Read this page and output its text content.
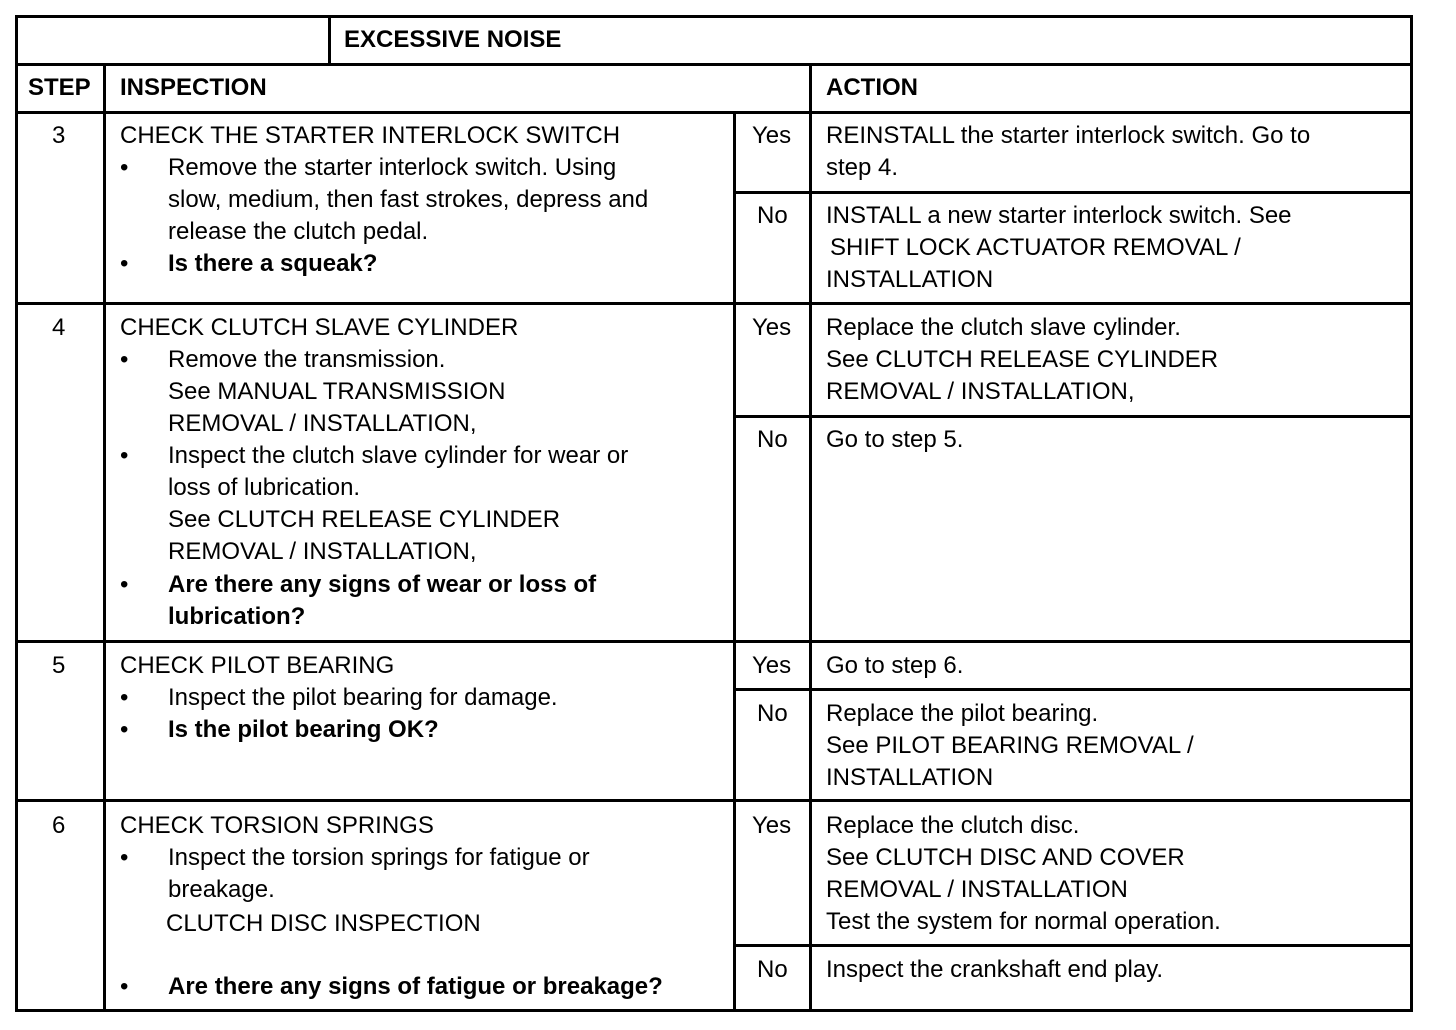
EXCESSIVE NOISE
STEP INSPECTION	ACTION
3 CHECK THE STARTER INTERLOCK SWITCH
• Remove the starter interlock switch. Using
slow, medium, then fast strokes, depress and
release the clutch pedal.
• Is there a squeak?
Yes REINSTALL the starter interlock switch. Go to
step 4.
No INSTALL a new starter interlock switch. See
SHIFT LOCK ACTUATOR REMOVAL /
INSTALLATION
4 CHECK CLUTCH SLAVE CYLINDER
• Remove the transmission.
See MANUAL TRANSMISSION
REMOVAL / INSTALLATION,
• Inspect the clutch slave cylinder for wear or
loss of lubrication.
See CLUTCH RELEASE CYLINDER
REMOVAL / INSTALLATION,
• Are there any signs of wear or loss of
lubrication?
Yes Replace the clutch slave cylinder.
See CLUTCH RELEASE CYLINDER
REMOVAL / INSTALLATION,
No Go to step 5.
5 CHECK PILOT BEARING
• Inspect the pilot bearing for damage.
• Is the pilot bearing OK?
Yes Go to step 6.
No Replace the pilot bearing.
See PILOT BEARING REMOVAL /
INSTALLATION
6 CHECK TORSION SPRINGS
• Inspect the torsion springs for fatigue or
breakage.
CLUTCH DISC INSPECTION
• Are there any signs of fatigue or breakage?
Yes Replace the clutch disc.
See CLUTCH DISC AND COVER
REMOVAL / INSTALLATION
Test the system for normal operation.
No Inspect the crankshaft end play.
